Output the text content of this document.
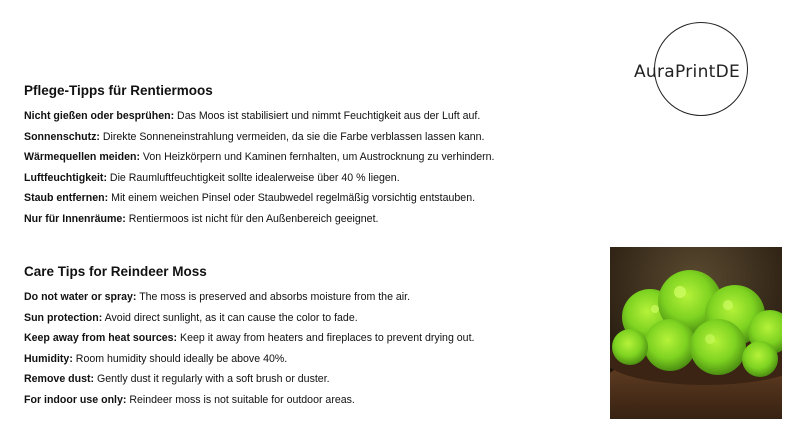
AuraPrintDE
Pflege-Tipps für Rentiermoos

Nicht gießen oder besprühen: Das Moos ist stabilisiert und nimmt Feuchtigkeit aus der Luft auf.

Sonnenschutz: Direkte Sonneneinstrahlung vermeiden, da sie die Farbe verblassen lassen kann.

Wärmequellen meiden: Von Heizkörpern und Kaminen fernhalten, um Austrocknung zu verhindern.

Luftfeuchtigkeit: Die Raumluftfeuchtigkeit sollte idealerweise über 40 % liegen.

Staub entfernen: Mit einem weichen Pinsel oder Staubwedel regelmäßig vorsichtig entstauben.

Nur für Innenräume: Rentiermoos ist nicht für den Außenbereich geeignet.

Care Tips for Reindeer Moss

Do not water or spray: The moss is preserved and absorbs moisture from the air.

Sun protection: Avoid direct sunlight, as it can cause the color to fade.

Keep away from heat sources: Keep it away from heaters and fireplaces to prevent drying out.

Humidity: Room humidity should ideally be above 40%.

Remove dust: Gently dust it regularly with a soft brush or duster.

For indoor use only: Reindeer moss is not suitable for outdoor areas.
